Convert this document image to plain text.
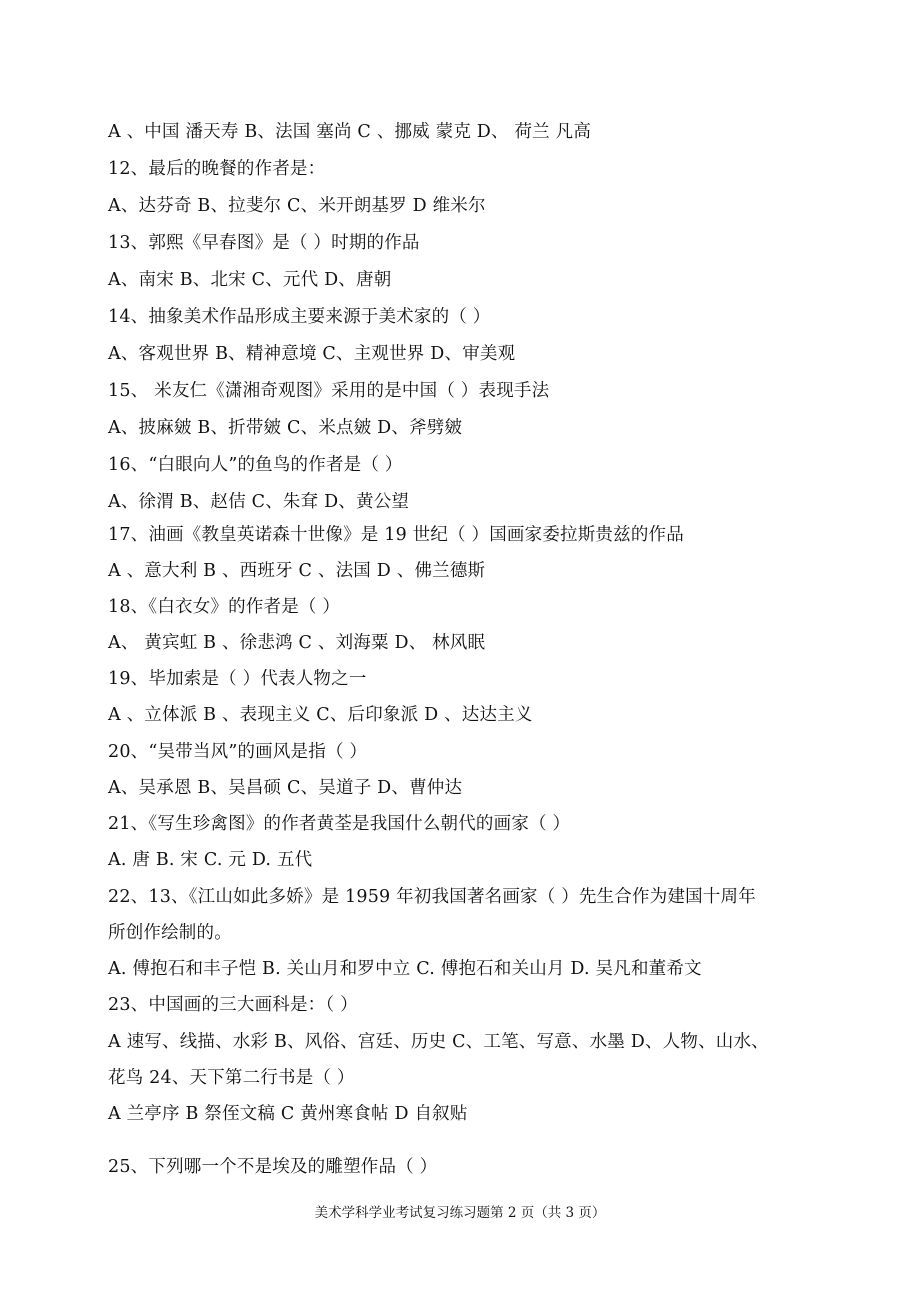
A 、中国 潘天寿 B、法国 塞尚 C 、挪威 蒙克 D、 荷兰 凡高
12、最后的晚餐的作者是：
A、达芬奇 B、拉斐尔 C、米开朗基罗 D 维米尔
13、郭熙《早春图》是（ ）时期的作品
A、南宋 B、北宋 C、元代 D、唐朝
14、抽象美术作品形成主要来源于美术家的（ ）
A、客观世界 B、精神意境 C、主观世界 D、审美观
15、 米友仁《潇湘奇观图》采用的是中国（ ）表现手法
A、披麻皴 B、折带皴 C、米点皴 D、斧劈皴
16、“白眼向人”的鱼鸟的作者是（ ）
A、徐渭 B、赵佶 C、朱耷 D、黄公望
17、油画《教皇英诺森十世像》是 19 世纪（ ）国画家委拉斯贵兹的作品
A 、意大利 B 、西班牙 C 、法国 D 、佛兰德斯
18、《白衣女》的作者是（ ）
A、 黄宾虹 B 、徐悲鸿 C 、刘海粟 D、 林风眠
19、毕加索是（ ）代表人物之一
A 、立体派 B 、表现主义 C、后印象派 D 、达达主义
20、“吴带当风”的画风是指（ ）
A、吴承恩 B、吴昌硕 C、吴道子 D、曹仲达
21、《写生珍禽图》的作者黄荃是我国什么朝代的画家（ ）
A. 唐 B. 宋 C. 元 D. 五代
22、13、《江山如此多娇》是 1959 年初我国著名画家（ ）先生合作为建国十周年
所创作绘制的。
A. 傅抱石和丰子恺 B. 关山月和罗中立 C. 傅抱石和关山月 D. 吴凡和董希文
23、中国画的三大画科是：（ ）
A 速写、线描、水彩 B、风俗、宫廷、历史 C、工笔、写意、水墨 D、人物、山水、
花鸟 24、天下第二行书是（ ）
A 兰亭序 B 祭侄文稿 C 黄州寒食帖 D 自叙贴
25、下列哪一个不是埃及的雕塑作品（ ）
美术学科学业考试复习练习题第 2 页（共 3 页）
